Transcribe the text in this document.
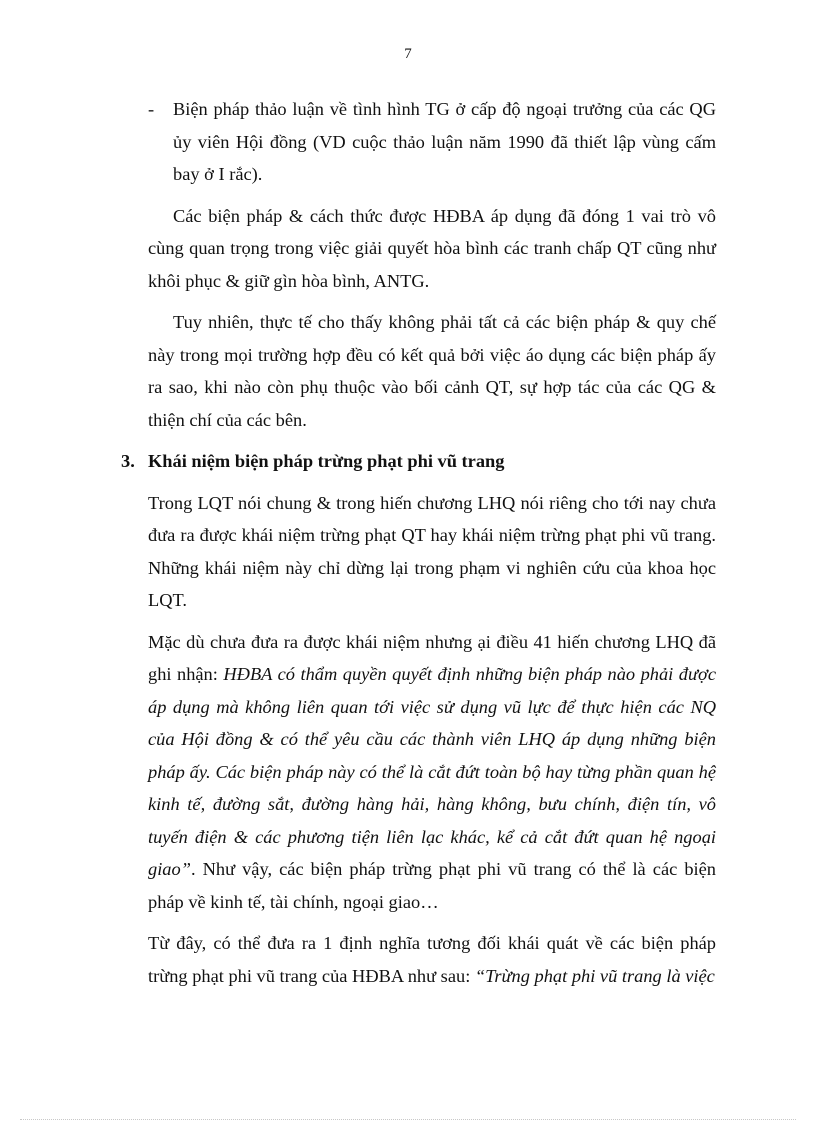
7
- Biện pháp thảo luận về tình hình TG ở cấp độ ngoại trưởng của các QG ủy viên Hội đồng (VD cuộc thảo luận năm 1990 đã thiết lập vùng cấm bay ở I rắc).

Các biện pháp & cách thức được HĐBA áp dụng đã đóng 1 vai trò vô cùng quan trọng trong việc giải quyết hòa bình các tranh chấp QT cũng như khôi phục & giữ gìn hòa bình, ANTG.

Tuy nhiên, thực tế cho thấy không phải tất cả các biện pháp & quy chế này trong mọi trường hợp đều có kết quả bởi việc áo dụng các biện pháp ấy ra sao, khi nào còn phụ thuộc vào bối cảnh QT, sự hợp tác của các QG & thiện chí của các bên.

3. Khái niệm biện pháp trừng phạt phi vũ trang

Trong LQT nói chung & trong hiến chương LHQ nói riêng cho tới nay chưa đưa ra được khái niệm trừng phạt QT hay khái niệm trừng phạt phi vũ trang. Những khái niệm này chỉ dừng lại trong phạm vi nghiên cứu của khoa học LQT.

Mặc dù chưa đưa ra được khái niệm nhưng ại điều 41 hiến chương LHQ đã ghi nhận: HĐBA có thẩm quyền quyết định những biện pháp nào phải được áp dụng mà không liên quan tới việc sử dụng vũ lực để thực hiện các NQ của Hội đồng & có thể yêu cầu các thành viên LHQ áp dụng những biện pháp ấy. Các biện pháp này có thể là cắt đứt toàn bộ hay từng phần quan hệ kinh tế, đường sắt, đường hàng hải, hàng không, bưu chính, điện tín, vô tuyến điện & các phương tiện liên lạc khác, kể cả cắt đứt quan hệ ngoại giao”. Như vậy, các biện pháp trừng phạt phi vũ trang có thể là các biện pháp về kinh tế, tài chính, ngoại giao…

Từ đây, có thể đưa ra 1 định nghĩa tương đối khái quát về các biện pháp trừng phạt phi vũ trang của HĐBA như sau: “Trừng phạt phi vũ trang là việc
